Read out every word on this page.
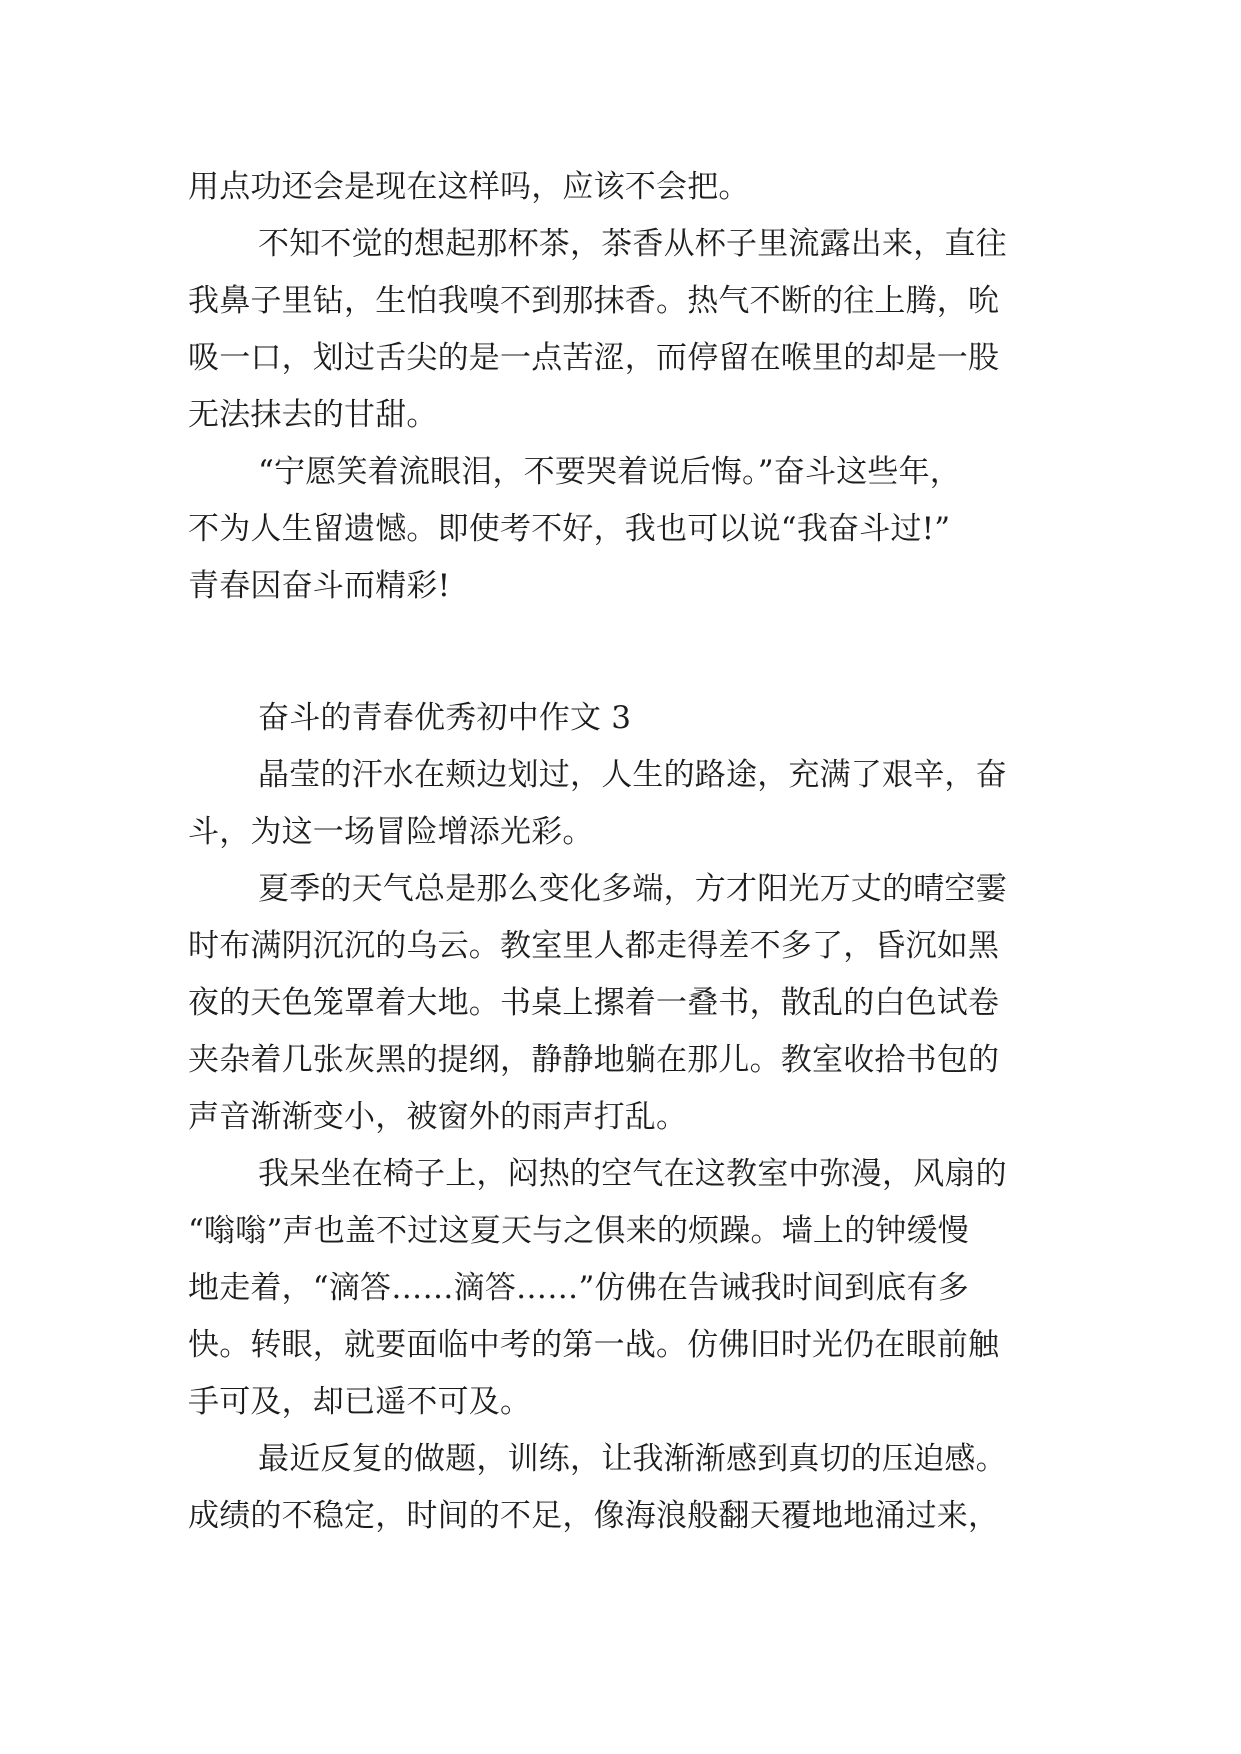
用点功还会是现在这样吗，应该不会把。
不知不觉的想起那杯茶，茶香从杯子里流露出来，直往
我鼻子里钻，生怕我嗅不到那抹香。热气不断的往上腾，吮
吸一口，划过舌尖的是一点苦涩，而停留在喉里的却是一股
无法抹去的甘甜。
“宁愿笑着流眼泪，不要哭着说后悔。”奋斗这些年，
不为人生留遗憾。即使考不好，我也可以说“我奋斗过!”
青春因奋斗而精彩!
奋斗的青春优秀初中作文 3
晶莹的汗水在颊边划过，人生的路途，充满了艰辛，奋
斗，为这一场冒险增添光彩。
夏季的天气总是那么变化多端，方才阳光万丈的晴空霎
时布满阴沉沉的乌云。教室里人都走得差不多了，昏沉如黑
夜的天色笼罩着大地。书桌上摞着一叠书，散乱的白色试卷
夹杂着几张灰黑的提纲，静静地躺在那儿。教室收拾书包的
声音渐渐变小，被窗外的雨声打乱。
我呆坐在椅子上，闷热的空气在这教室中弥漫，风扇的
“嗡嗡”声也盖不过这夏天与之俱来的烦躁。墙上的钟缓慢
地走着，“滴答……滴答……”仿佛在告诫我时间到底有多
快。转眼，就要面临中考的第一战。仿佛旧时光仍在眼前触
手可及，却已遥不可及。
最近反复的做题，训练，让我渐渐感到真切的压迫感。
成绩的不稳定，时间的不足，像海浪般翻天覆地地涌过来，
